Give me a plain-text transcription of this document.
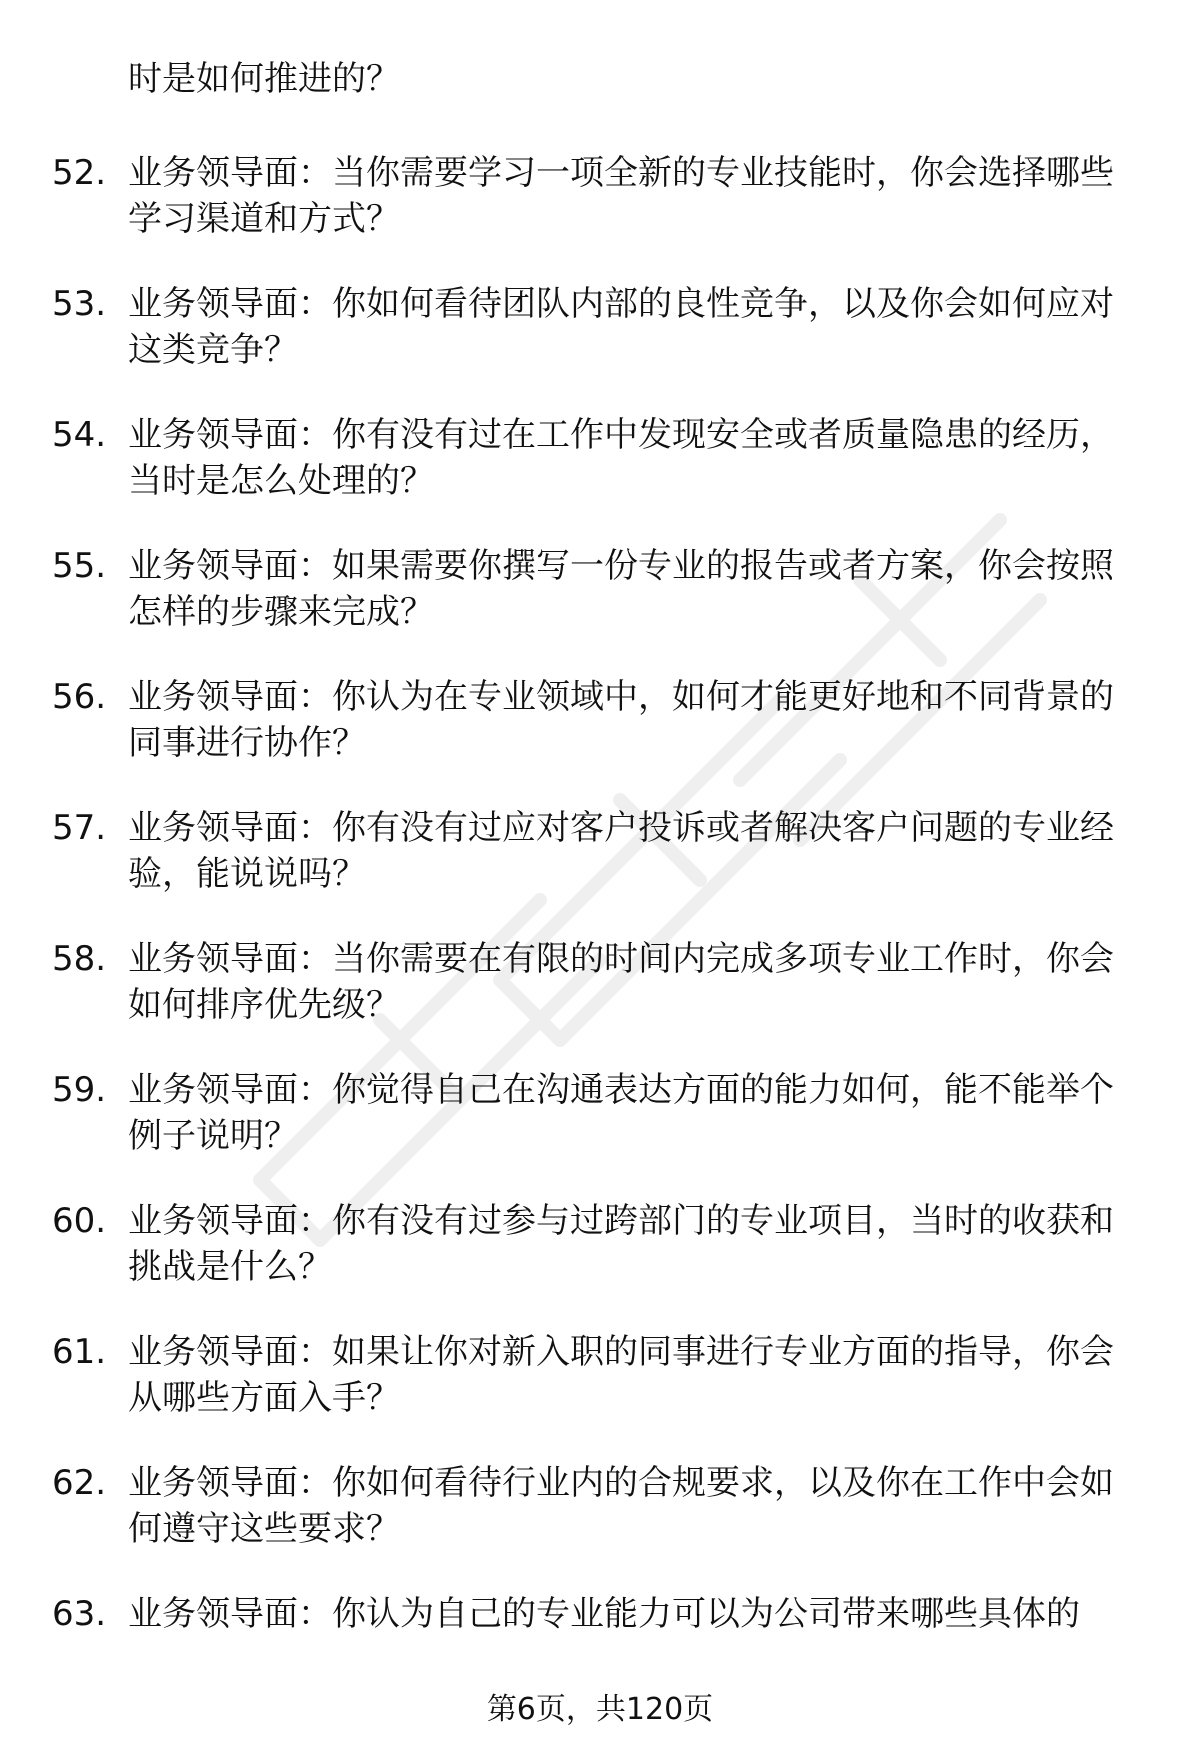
时是如何推进的？
52. 业务领导面：当你需要学习一项全新的专业技能时，你会选择哪些学习渠道和方式？
53. 业务领导面：你如何看待团队内部的良性竞争，以及你会如何应对这类竞争？
54. 业务领导面：你有没有过在工作中发现安全或者质量隐患的经历，当时是怎么处理的？
55. 业务领导面：如果需要你撰写一份专业的报告或者方案，你会按照怎样的步骤来完成？
56. 业务领导面：你认为在专业领域中，如何才能更好地和不同背景的同事进行协作？
57. 业务领导面：你有没有过应对客户投诉或者解决客户问题的专业经验，能说说吗？
58. 业务领导面：当你需要在有限的时间内完成多项专业工作时，你会如何排序优先级？
59. 业务领导面：你觉得自己在沟通表达方面的能力如何，能不能举个例子说明？
60. 业务领导面：你有没有过参与过跨部门的专业项目，当时的收获和挑战是什么？
61. 业务领导面：如果让你对新入职的同事进行专业方面的指导，你会从哪些方面入手？
62. 业务领导面：你如何看待行业内的合规要求，以及你在工作中会如何遵守这些要求？
63. 业务领导面：你认为自己的专业能力可以为公司带来哪些具体的
第6页，共120页
